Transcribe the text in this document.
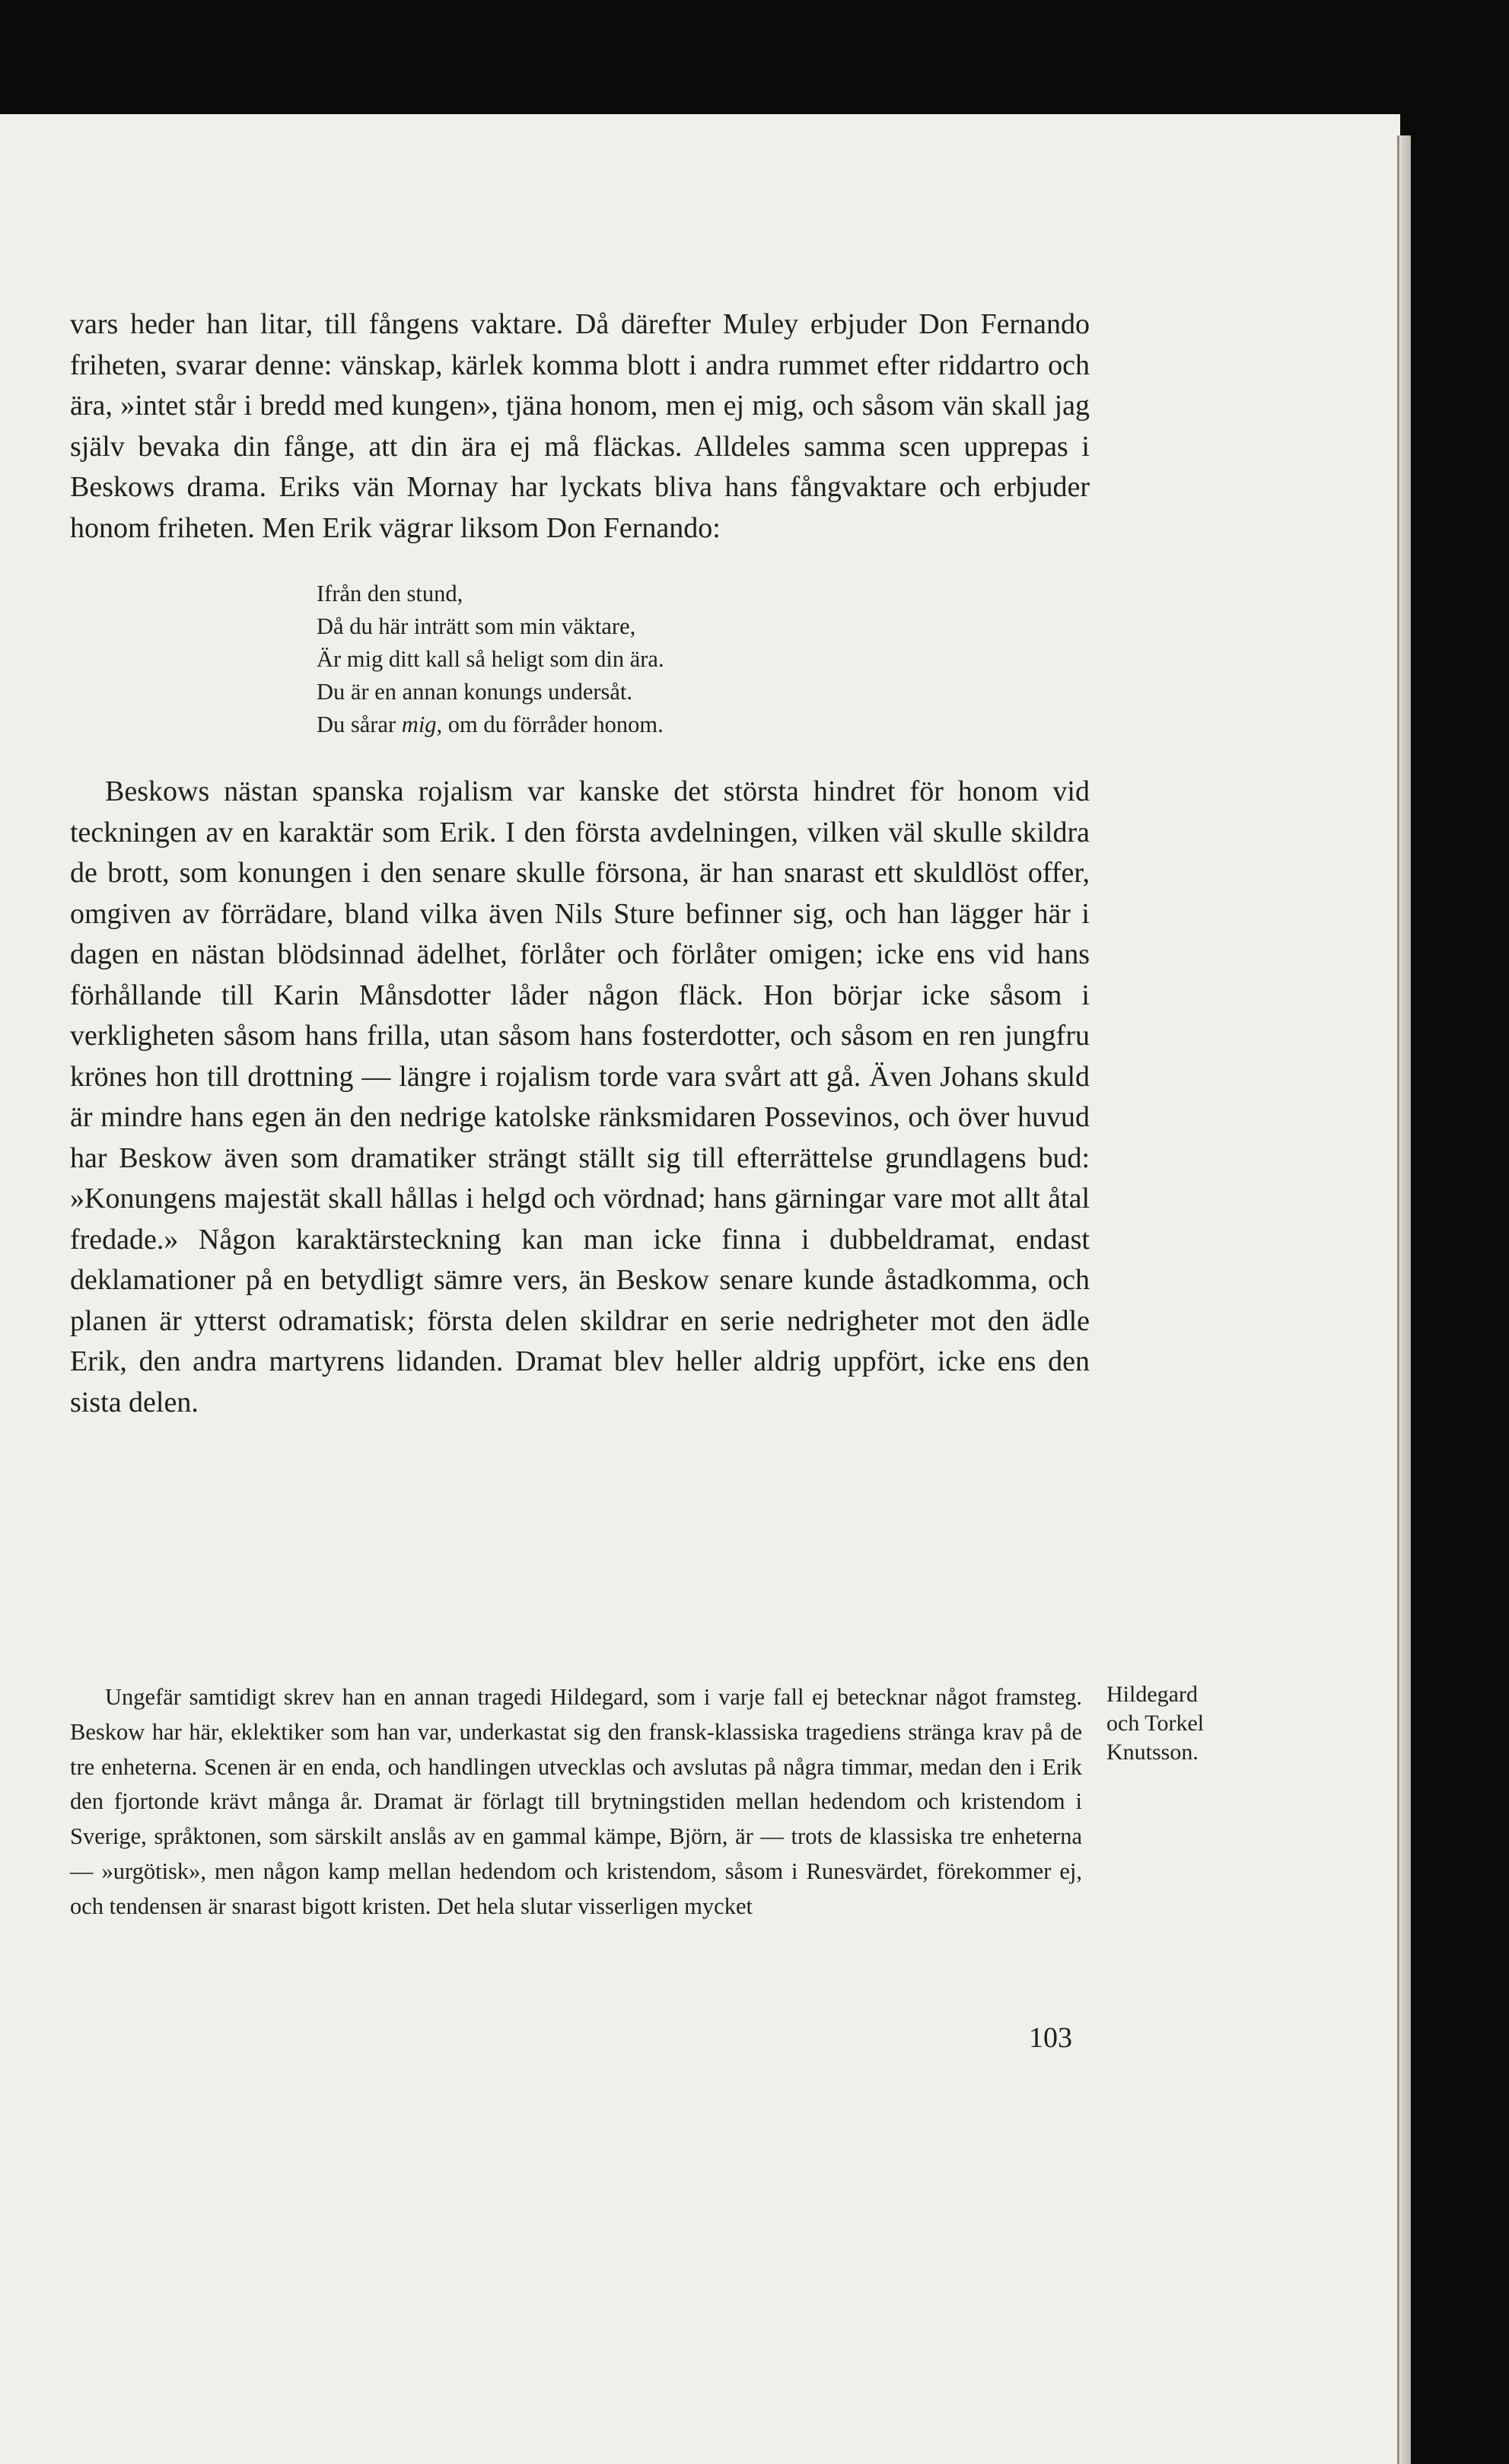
vars heder han litar, till fångens vaktare. Då därefter Muley erbjuder Don Fernando friheten, svarar denne: vänskap, kärlek komma blott i andra rummet efter riddartro och ära, »intet står i bredd med kungen», tjäna honom, men ej mig, och såsom vän skall jag själv bevaka din fånge, att din ära ej må fläckas. Alldeles samma scen upprepas i Beskows drama. Eriks vän Mornay har lyckats bliva hans fångvaktare och erbjuder honom friheten. Men Erik vägrar liksom Don Fernando:

Ifrån den stund,
Då du här inträtt som min väktare,
Är mig ditt kall så heligt som din ära.
Du är en annan konungs undersåt.
Du sårar mig, om du förråder honom.

Beskows nästan spanska rojalism var kanske det största hindret för honom vid teckningen av en karaktär som Erik. I den första avdelningen, vilken väl skulle skildra de brott, som konungen i den senare skulle försona, är han snarast ett skuldlöst offer, omgiven av förrädare, bland vilka även Nils Sture befinner sig, och han lägger här i dagen en nästan blödsinnad ädelhet, förlåter och förlåter omigen; icke ens vid hans förhållande till Karin Månsdotter låder någon fläck. Hon börjar icke såsom i verkligheten såsom hans frilla, utan såsom hans fosterdotter, och såsom en ren jungfru krönes hon till drottning — längre i rojalism torde vara svårt att gå. Även Johans skuld är mindre hans egen än den nedrige katolske ränksmidaren Possevinos, och över huvud har Beskow även som dramatiker strängt ställt sig till efterrättelse grundlagens bud: »Konungens majestät skall hållas i helgd och vördnad; hans gärningar vare mot allt åtal fredade.» Någon karaktärsteckning kan man icke finna i dubbeldramat, endast deklamationer på en betydligt sämre vers, än Beskow senare kunde åstadkomma, och planen är ytterst odramatisk; första delen skildrar en serie nedrigheter mot den ädle Erik, den andra martyrens lidanden. Dramat blev heller aldrig uppfört, icke ens den sista delen.

Ungefär samtidigt skrev han en annan tragedi Hildegard, som i varje fall ej betecknar något framsteg. Beskow har här, eklektiker som han var, underkastat sig den fransk-klassiska tragediens stränga krav på de tre enheterna. Scenen är en enda, och handlingen utvecklas och avslutas på några timmar, medan den i Erik den fjortonde krävt många år. Dramat är förlagt till brytningstiden mellan hedendom och kristendom i Sverige, språktonen, som särskilt anslås av en gammal kämpe, Björn, är — trots de klassiska tre enheterna — »urgötisk», men någon kamp mellan hedendom och kristendom, såsom i Runesvärdet, förekommer ej, och tendensen är snarast bigott kristen. Det hela slutar visserligen mycket

Hildegard
och Torkel
Knutsson.
103
